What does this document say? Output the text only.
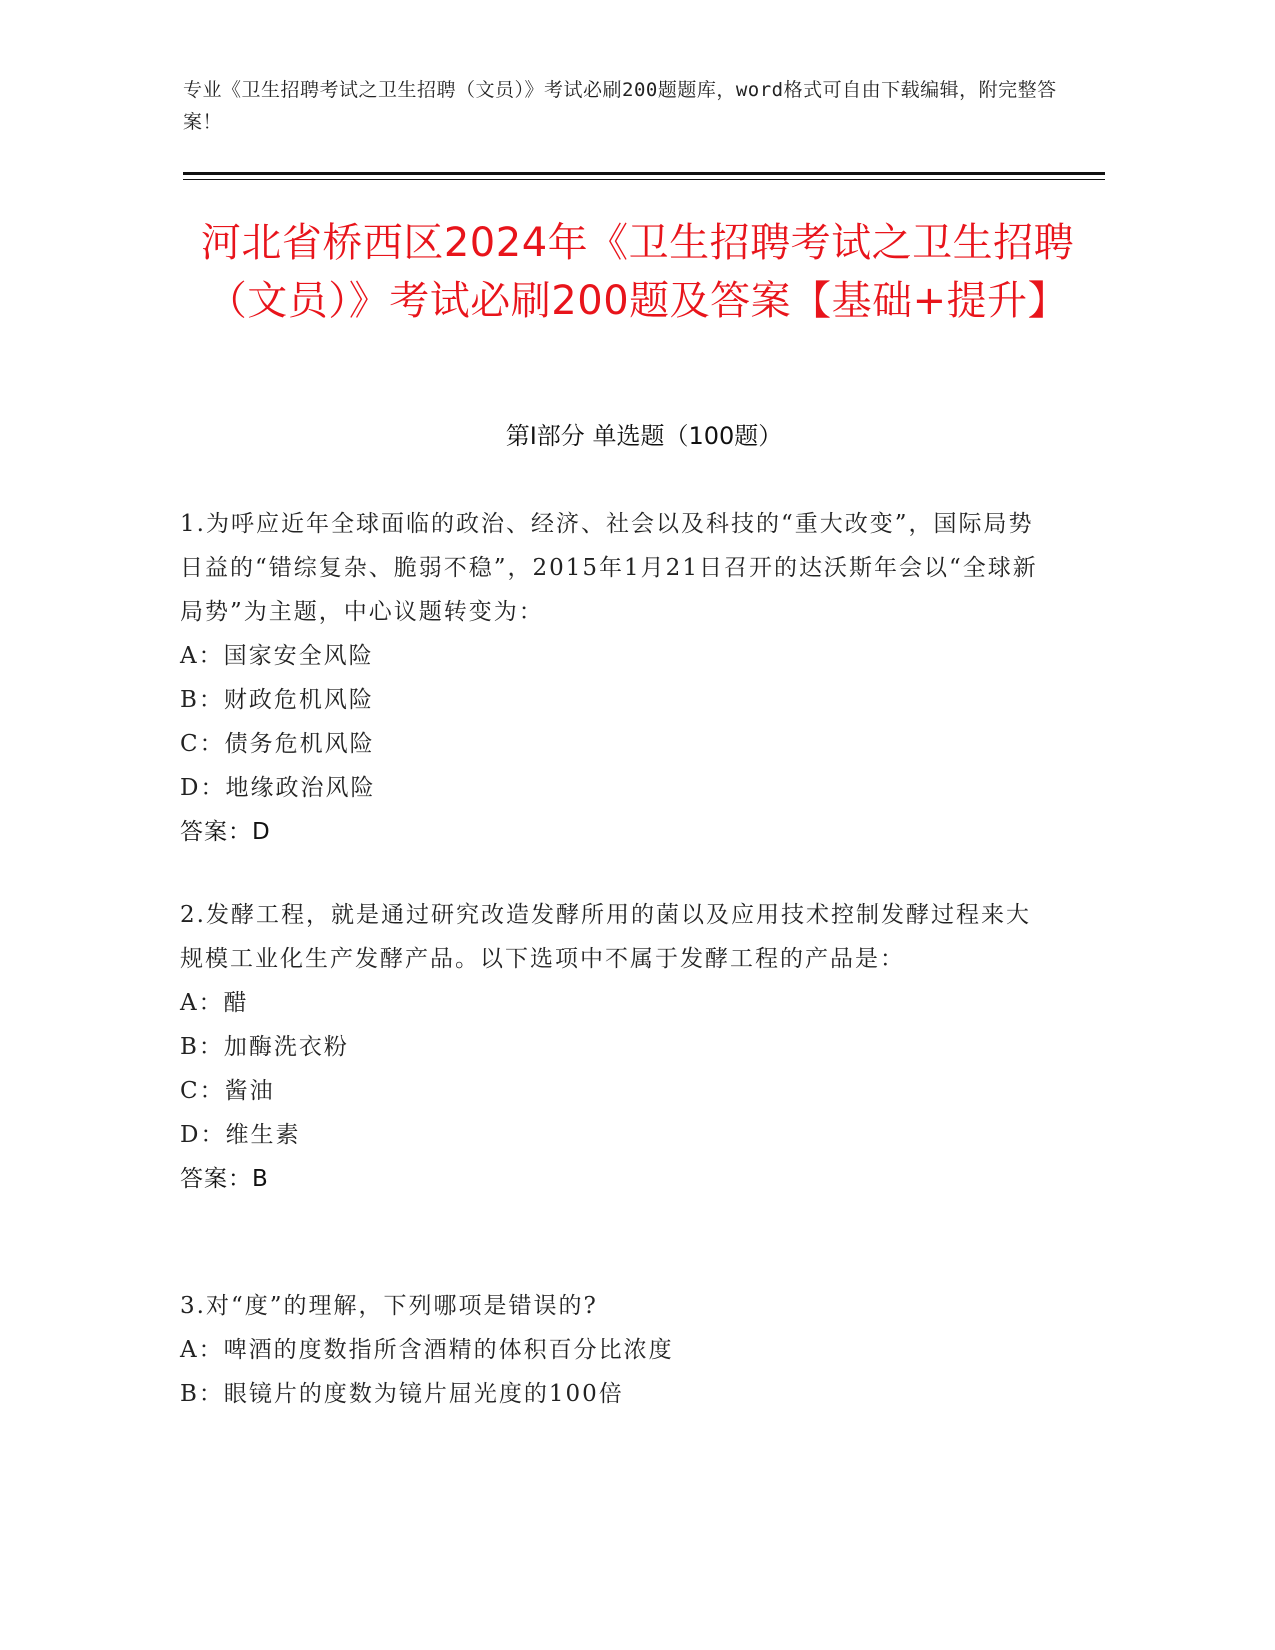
专业《卫生招聘考试之卫生招聘（文员）》考试必刷200题题库，word格式可自由下载编辑，附完整答案！
河北省桥西区2024年《卫生招聘考试之卫生招聘（文员）》考试必刷200题及答案【基础+提升】
第Ⅰ部分 单选题（100题）
1.为呼应近年全球面临的政治、经济、社会以及科技的“重大改变”，国际局势日益的“错综复杂、脆弱不稳”，2015年1月21日召开的达沃斯年会以“全球新局势”为主题，中心议题转变为：
A：国家安全风险
B：财政危机风险
C：债务危机风险
D：地缘政治风险
答案：D
2.发酵工程，就是通过研究改造发酵所用的菌以及应用技术控制发酵过程来大规模工业化生产发酵产品。以下选项中不属于发酵工程的产品是：
A：醋
B：加酶洗衣粉
C：酱油
D：维生素
答案：B
3.对“度”的理解，下列哪项是错误的?
A：啤酒的度数指所含酒精的体积百分比浓度
B：眼镜片的度数为镜片屈光度的100倍
